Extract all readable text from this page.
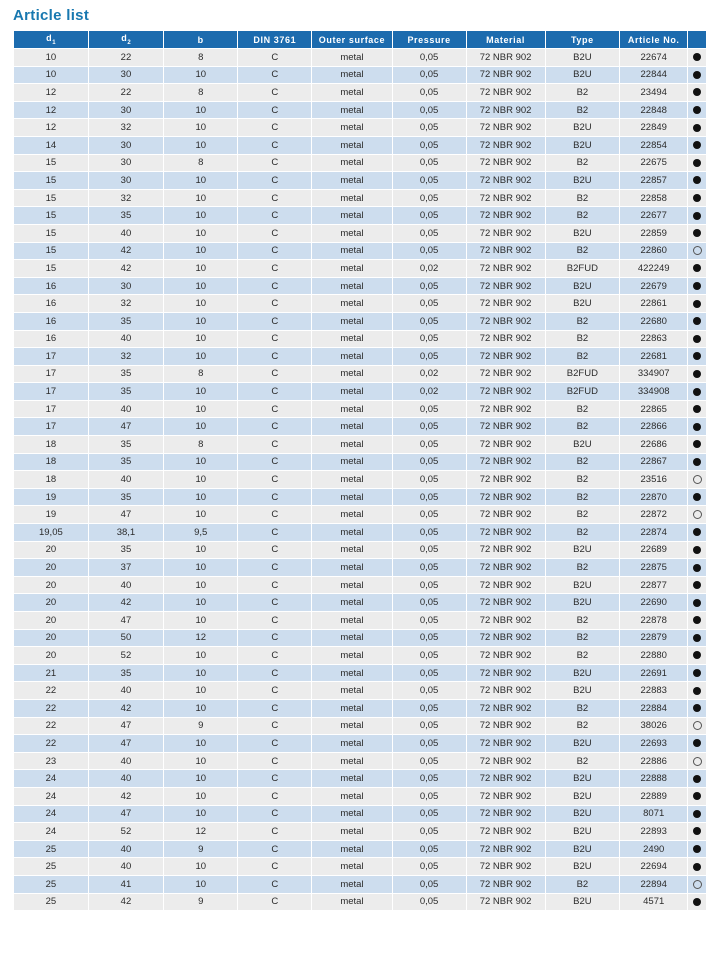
Article list
$d_1$	$d_2$	b	DIN 3761	Outer surface	Pressure	Material	Type	Article No.	
10	22	8	C	metal	0,05	72 NBR 902	B2U	22674	
10	30	10	C	metal	0,05	72 NBR 902	B2U	22844	
12	22	8	C	metal	0,05	72 NBR 902	B2	23494	
12	30	10	C	metal	0,05	72 NBR 902	B2	22848	
12	32	10	C	metal	0,05	72 NBR 902	B2U	22849	
14	30	10	C	metal	0,05	72 NBR 902	B2U	22854	
15	30	8	C	metal	0,05	72 NBR 902	B2	22675	
15	30	10	C	metal	0,05	72 NBR 902	B2U	22857	
15	32	10	C	metal	0,05	72 NBR 902	B2	22858	
15	35	10	C	metal	0,05	72 NBR 902	B2	22677	
15	40	10	C	metal	0,05	72 NBR 902	B2U	22859	
15	42	10	C	metal	0,05	72 NBR 902	B2	22860	
15	42	10	C	metal	0,02	72 NBR 902	B2FUD	422249	
16	30	10	C	metal	0,05	72 NBR 902	B2U	22679	
16	32	10	C	metal	0,05	72 NBR 902	B2U	22861	
16	35	10	C	metal	0,05	72 NBR 902	B2	22680	
16	40	10	C	metal	0,05	72 NBR 902	B2	22863	
17	32	10	C	metal	0,05	72 NBR 902	B2	22681	
17	35	8	C	metal	0,02	72 NBR 902	B2FUD	334907	
17	35	10	C	metal	0,02	72 NBR 902	B2FUD	334908	
17	40	10	C	metal	0,05	72 NBR 902	B2	22865	
17	47	10	C	metal	0,05	72 NBR 902	B2	22866	
18	35	8	C	metal	0,05	72 NBR 902	B2U	22686	
18	35	10	C	metal	0,05	72 NBR 902	B2	22867	
18	40	10	C	metal	0,05	72 NBR 902	B2	23516	
19	35	10	C	metal	0,05	72 NBR 902	B2	22870	
19	47	10	C	metal	0,05	72 NBR 902	B2	22872	
19,05	38,1	9,5	C	metal	0,05	72 NBR 902	B2	22874	
20	35	10	C	metal	0,05	72 NBR 902	B2U	22689	
20	37	10	C	metal	0,05	72 NBR 902	B2	22875	
20	40	10	C	metal	0,05	72 NBR 902	B2U	22877	
20	42	10	C	metal	0,05	72 NBR 902	B2U	22690	
20	47	10	C	metal	0,05	72 NBR 902	B2	22878	
20	50	12	C	metal	0,05	72 NBR 902	B2	22879	
20	52	10	C	metal	0,05	72 NBR 902	B2	22880	
21	35	10	C	metal	0,05	72 NBR 902	B2U	22691	
22	40	10	C	metal	0,05	72 NBR 902	B2U	22883	
22	42	10	C	metal	0,05	72 NBR 902	B2	22884	
22	47	9	C	metal	0,05	72 NBR 902	B2	38026	
22	47	10	C	metal	0,05	72 NBR 902	B2U	22693	
23	40	10	C	metal	0,05	72 NBR 902	B2	22886	
24	40	10	C	metal	0,05	72 NBR 902	B2U	22888	
24	42	10	C	metal	0,05	72 NBR 902	B2U	22889	
24	47	10	C	metal	0,05	72 NBR 902	B2U	8071	
24	52	12	C	metal	0,05	72 NBR 902	B2U	22893	
25	40	9	C	metal	0,05	72 NBR 902	B2U	2490	
25	40	10	C	metal	0,05	72 NBR 902	B2U	22694	
25	41	10	C	metal	0,05	72 NBR 902	B2	22894	
25	42	9	C	metal	0,05	72 NBR 902	B2U	4571	
